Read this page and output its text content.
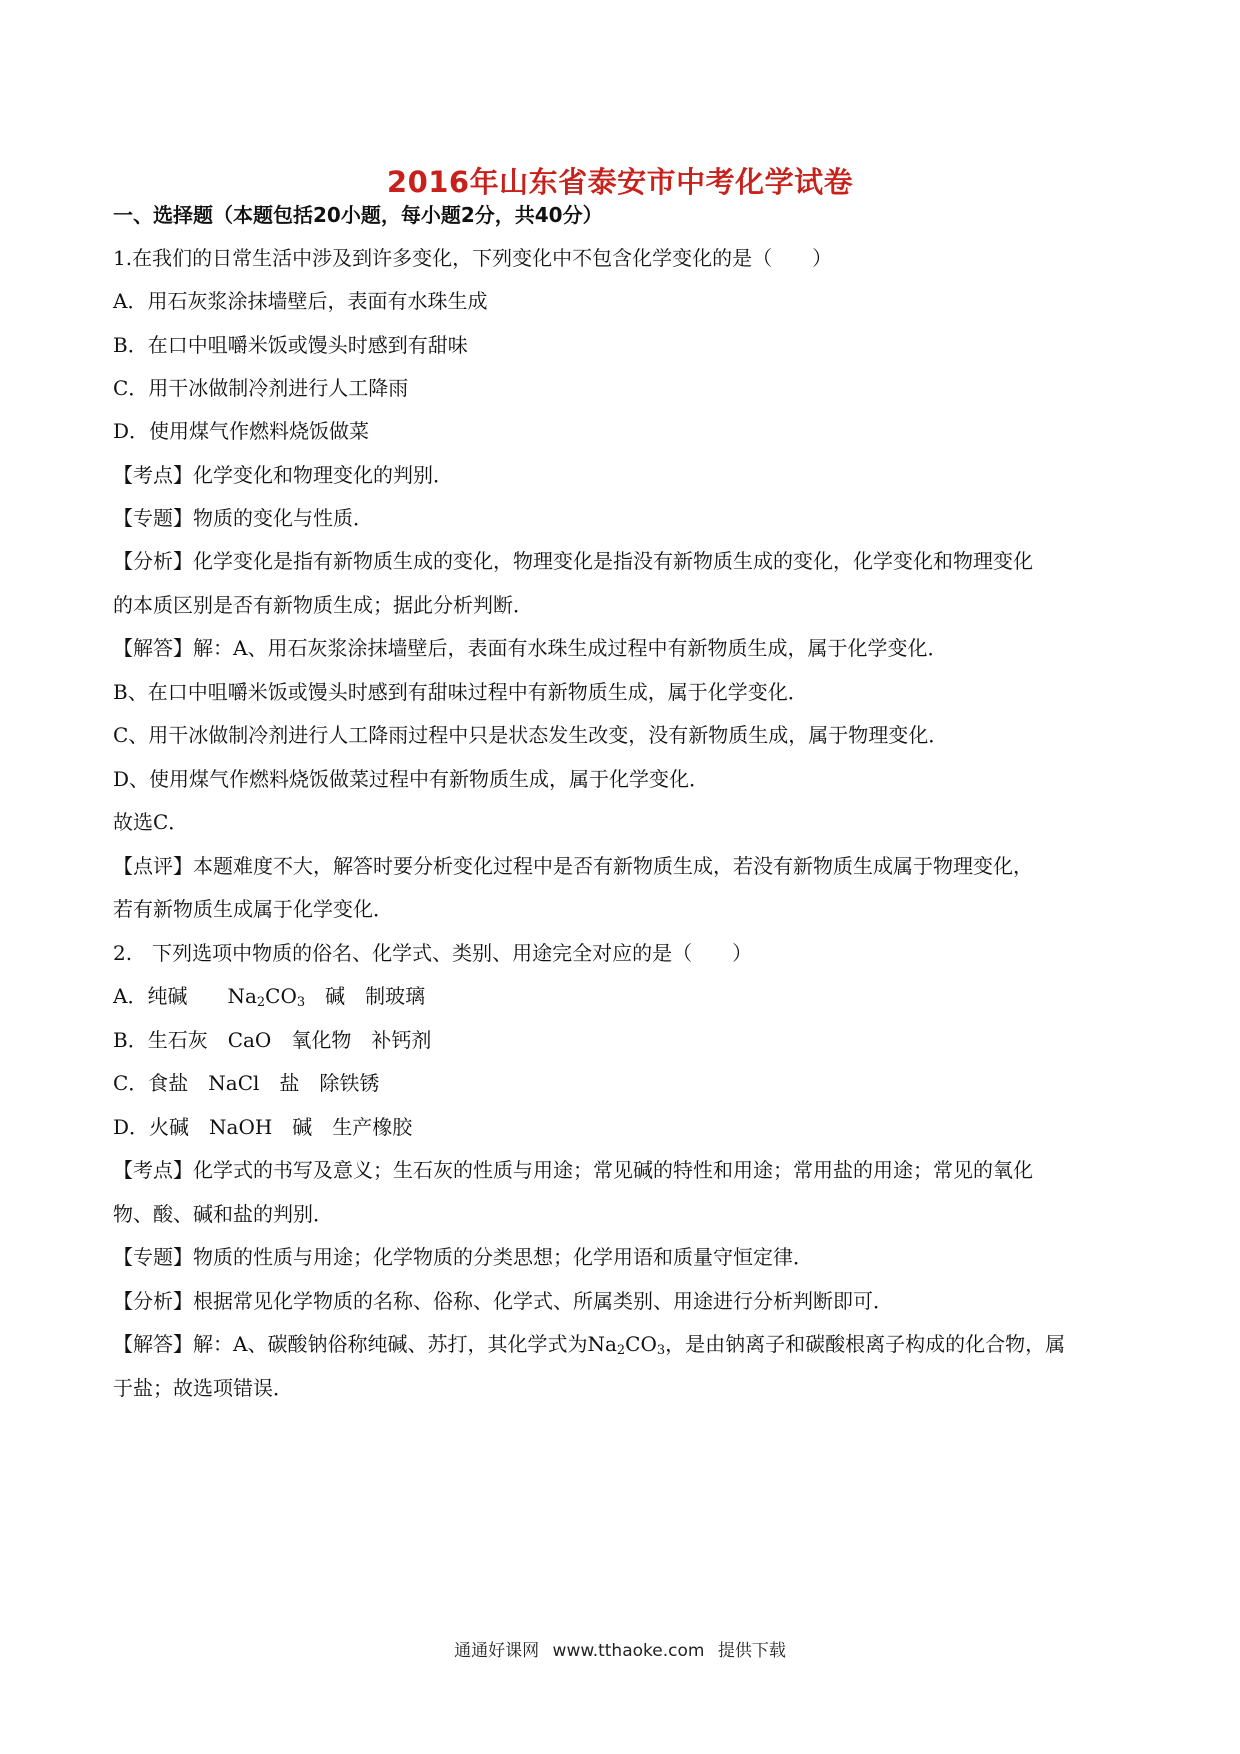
2016年山东省泰安市中考化学试卷
一、选择题（本题包括20小题，每小题2分，共40分）
1.在我们的日常生活中涉及到许多变化，下列变化中不包含化学变化的是（　　）
A．用石灰浆涂抹墙壁后，表面有水珠生成
B．在口中咀嚼米饭或馒头时感到有甜味
C．用干冰做制冷剂进行人工降雨
D．使用煤气作燃料烧饭做菜
【考点】化学变化和物理变化的判别．
【专题】物质的变化与性质．
【分析】化学变化是指有新物质生成的变化，物理变化是指没有新物质生成的变化，化学变化和物理变化
的本质区别是否有新物质生成；据此分析判断．
【解答】解：A、用石灰浆涂抹墙壁后，表面有水珠生成过程中有新物质生成，属于化学变化．
B、在口中咀嚼米饭或馒头时感到有甜味过程中有新物质生成，属于化学变化．
C、用干冰做制冷剂进行人工降雨过程中只是状态发生改变，没有新物质生成，属于物理变化．
D、使用煤气作燃料烧饭做菜过程中有新物质生成，属于化学变化．
故选C．
【点评】本题难度不大，解答时要分析变化过程中是否有新物质生成，若没有新物质生成属于物理变化，
若有新物质生成属于化学变化．
2.　下列选项中物质的俗名、化学式、类别、用途完全对应的是（　　）
A．纯碱　　$Na_2CO_3$　碱　制玻璃
B．生石灰　CaO　氧化物　补钙剂
C．食盐　NaCl　盐　除铁锈
D．火碱　NaOH　碱　生产橡胶
【考点】化学式的书写及意义；生石灰的性质与用途；常见碱的特性和用途；常用盐的用途；常见的氧化
物、酸、碱和盐的判别．
【专题】物质的性质与用途；化学物质的分类思想；化学用语和质量守恒定律．
【分析】根据常见化学物质的名称、俗称、化学式、所属类别、用途进行分析判断即可．
【解答】解：A、碳酸钠俗称纯碱、苏打，其化学式为$Na_2CO_3$，是由钠离子和碳酸根离子构成的化合物，属
于盐；故选项错误．
通通好课网 www.tthaoke.com 提供下载
